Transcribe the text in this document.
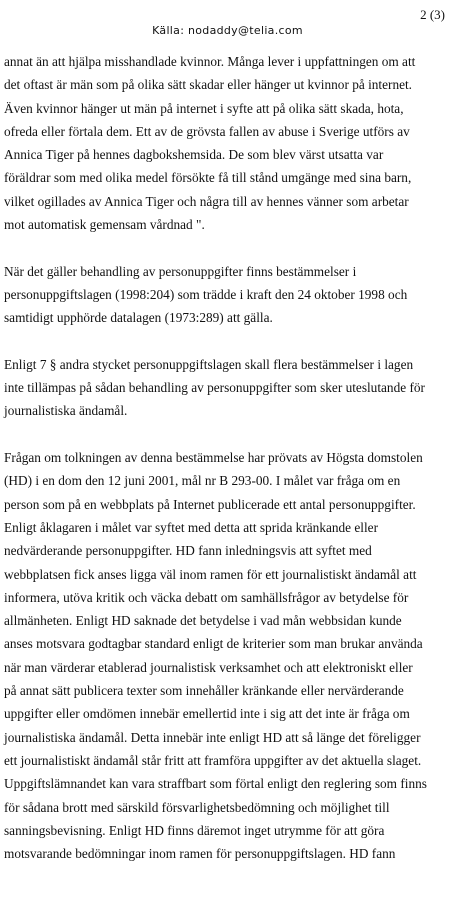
2 (3)
Källa: nodaddy@telia.com
annat än att hjälpa misshandlade kvinnor. Många lever i uppfattningen om att
det oftast är män som på olika sätt skadar eller hänger ut kvinnor på internet.
Även kvinnor hänger ut män på internet i syfte att på olika sätt skada, hota,
ofreda eller förtala dem. Ett av de grövsta fallen av abuse i Sverige utförs av
Annica Tiger på hennes dagbokshemsida. De som blev värst utsatta var
föräldrar som med olika medel försökte få till stånd umgänge med sina barn,
vilket ogillades av Annica Tiger och några till av hennes vänner som arbetar
mot automatisk gemensam vårdnad ".
När det gäller behandling av personuppgifter finns bestämmelser i
personuppgiftslagen (1998:204) som trädde i kraft den 24 oktober 1998 och
samtidigt upphörde datalagen (1973:289) att gälla.
Enligt 7 § andra stycket personuppgiftslagen skall flera bestämmelser i lagen
inte tillämpas på sådan behandling av personuppgifter som sker uteslutande för
journalistiska ändamål.
Frågan om tolkningen av denna bestämmelse har prövats av Högsta domstolen
(HD) i en dom den 12 juni 2001, mål nr B 293-00. I målet var fråga om en
person som på en webbplats på Internet publicerade ett antal personuppgifter.
Enligt åklagaren i målet var syftet med detta att sprida kränkande eller
nedvärderande personuppgifter. HD fann inledningsvis att syftet med
webbplatsen fick anses ligga väl inom ramen för ett journalistiskt ändamål att
informera, utöva kritik och väcka debatt om samhällsfrågor av betydelse för
allmänheten. Enligt HD saknade det betydelse i vad mån webbsidan kunde
anses motsvara godtagbar standard enligt de kriterier som man brukar använda
när man värderar etablerad journalistisk verksamhet och att elektroniskt eller
på annat sätt publicera texter som innehåller kränkande eller nervärderande
uppgifter eller omdömen innebär emellertid inte i sig att det inte är fråga om
journalistiska ändamål. Detta innebär inte enligt HD att så länge det föreligger
ett journalistiskt ändamål står fritt att framföra uppgifter av det aktuella slaget.
Uppgiftslämnandet kan vara straffbart som förtal enligt den reglering som finns
för sådana brott med särskild försvarlighetsbedömning och möjlighet till
sanningsbevisning. Enligt HD finns däremot inget utrymme för att göra
motsvarande bedömningar inom ramen för personuppgiftslagen. HD fann
